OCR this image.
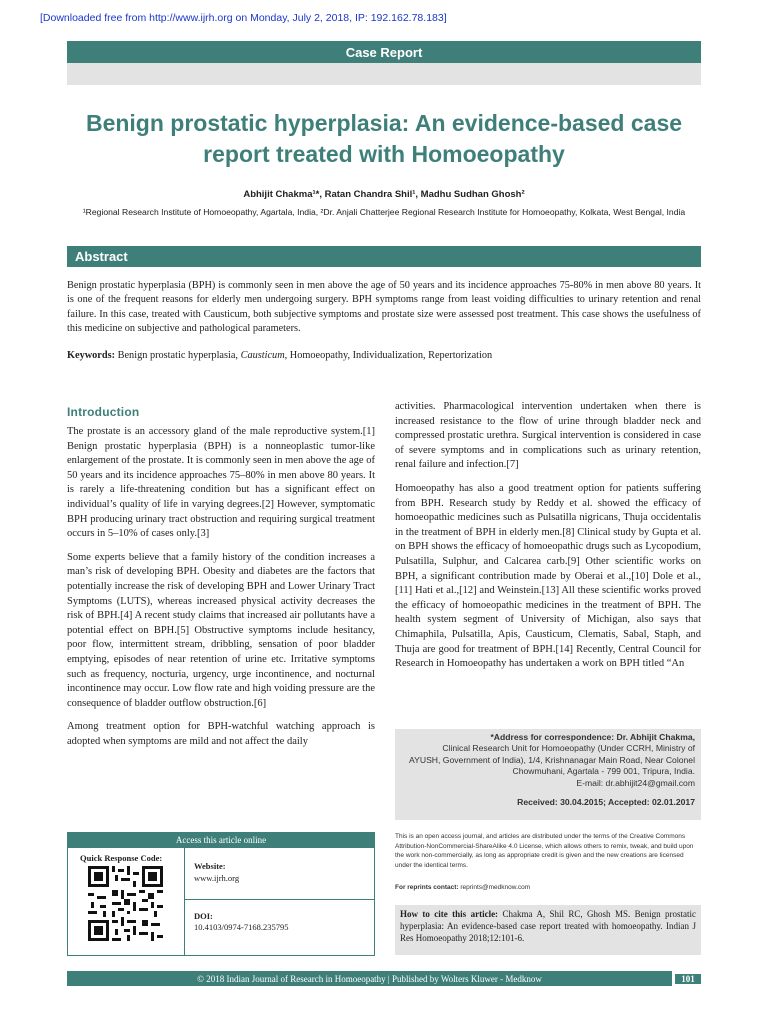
[Downloaded free from http://www.ijrh.org on Monday, July 2, 2018, IP: 192.162.78.183]
Case Report
Benign prostatic hyperplasia: An evidence-based case report treated with Homoeopathy
Abhijit Chakma¹*, Ratan Chandra Shil¹, Madhu Sudhan Ghosh²
¹Regional Research Institute of Homoeopathy, Agartala, India, ²Dr. Anjali Chatterjee Regional Research Institute for Homoeopathy, Kolkata, West Bengal, India
Abstract
Benign prostatic hyperplasia (BPH) is commonly seen in men above the age of 50 years and its incidence approaches 75-80% in men above 80 years. It is one of the frequent reasons for elderly men undergoing surgery. BPH symptoms range from least voiding difficulties to urinary retention and renal failure. In this case, treated with Causticum, both subjective symptoms and prostate size were assessed post treatment. This case shows the usefulness of this medicine on subjective and pathological parameters.
Keywords: Benign prostatic hyperplasia, Causticum, Homoeopathy, Individualization, Repertorization
Introduction

The prostate is an accessory gland of the male reproductive system.[1] Benign prostatic hyperplasia (BPH) is a nonneoplastic tumor-like enlargement of the prostate. It is commonly seen in men above the age of 50 years and its incidence approaches 75–80% in men above 80 years. It is rarely a life-threatening condition but has a significant effect on individual’s quality of life in varying degrees.[2] However, symptomatic BPH producing urinary tract obstruction and requiring surgical treatment occurs in 5–10% of cases only.[3]

Some experts believe that a family history of the condition increases a man’s risk of developing BPH. Obesity and diabetes are the factors that potentially increase the risk of developing BPH and Lower Urinary Tract Symptoms (LUTS), whereas increased physical activity decreases the risk of BPH.[4] A recent study claims that increased air pollutants have a potential effect on BPH.[5] Obstructive symptoms include hesitancy, poor flow, intermittent stream, dribbling, sensation of poor bladder emptying, episodes of near retention of urine etc. Irritative symptoms such as frequency, nocturia, urgency, urge incontinence, and nocturnal incontinence may occur. Low flow rate and high voiding pressure are the consequence of bladder outflow obstruction.[6]

Among treatment option for BPH-watchful watching approach is adopted when symptoms are mild and not affect the daily

activities. Pharmacological intervention undertaken when there is increased resistance to the flow of urine through bladder neck and compressed prostatic urethra. Surgical intervention is considered in case of severe symptoms and in complications such as urinary retention, renal failure and infection.[7]

Homoeopathy has also a good treatment option for patients suffering from BPH. Research study by Reddy et al. showed the efficacy of homoeopathic medicines such as Pulsatilla nigricans, Thuja occidentalis in the treatment of BPH in elderly men.[8] Clinical study by Gupta et al. on BPH shows the efficacy of homoeopathic drugs such as Lycopodium, Pulsatilla, Sulphur, and Calcarea carb.[9] Other scientific works on BPH, a significant contribution made by Oberai et al.,[10] Dole et al.,[11] Hati et al.,[12] and Weinstein.[13] All these scientific works proved the efficacy of homoeopathic medicines in the treatment of BPH. The health system segment of University of Michigan, also says that Chimaphila, Pulsatilla, Apis, Causticum, Clematis, Sabal, Staph, and Thuja are good for treatment of BPH.[14] Recently, Central Council for Research in Homoeopathy has undertaken a work on BPH titled “An

*Address for correspondence: Dr. Abhijit Chakma,
Clinical Research Unit for Homoeopathy (Under CCRH, Ministry of
AYUSH, Government of India), 1/4, Krishnanagar Main Road, Near Colonel
Chowmuhani, Agartala - 799 001, Tripura, India.
E-mail: dr.abhijit24@gmail.com
Received: 30.04.2015; Accepted: 02.01.2017
This is an open access journal, and articles are distributed under the terms of the Creative Commons Attribution-NonCommercial-ShareAlike 4.0 License, which allows others to remix, tweak, and build upon the work non-commercially, as long as appropriate credit is given and the new creations are licensed under the identical terms.
For reprints contact: reprints@medknow.com
How to cite this article: Chakma A, Shil RC, Ghosh MS. Benign prostatic hyperplasia: An evidence-based case report treated with homoeopathy. Indian J Res Homoeopathy 2018;12:101-6.
Access this article online
Quick Response Code:
Website:
www.ijrh.org
DOI:
10.4103/0974-7168.235795
© 2018 Indian Journal of Research in Homoeopathy | Published by Wolters Kluwer - Medknow	101
